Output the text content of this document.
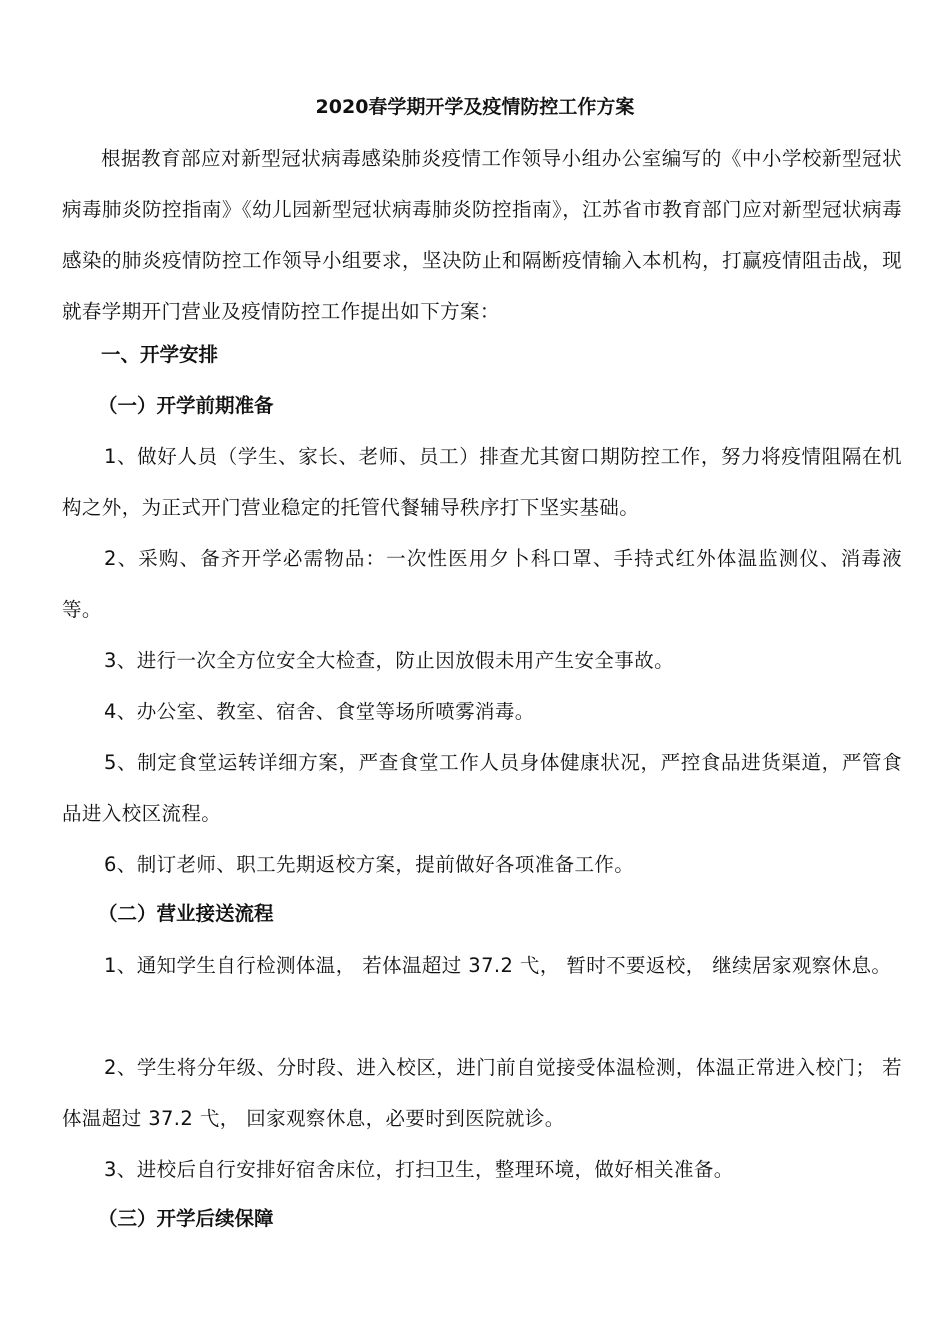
2020春学期开学及疫情防控工作方案

根据教育部应对新型冠状病毒感染肺炎疫情工作领导小组办公室编写的《中小学校新型冠状病毒肺炎防控指南》《幼儿园新型冠状病毒肺炎防控指南》，江苏省市教育部门应对新型冠状病毒感染的肺炎疫情防控工作领导小组要求，坚决防止和隔断疫情输入本机构，打赢疫情阻击战，现就春学期开门营业及疫情防控工作提出如下方案：

一、开学安排
（一）开学前期准备

1、做好人员（学生、家长、老师、员工）排查尤其窗口期防控工作，努力将疫情阻隔在机构之外，为正式开门营业稳定的托管代餐辅导秩序打下坚实基础。

2、采购、备齐开学必需物品：一次性医用夕卜科口罩、手持式红外体温监测仪、消毒液等。

3、进行一次全方位安全大检查，防止因放假未用产生安全事故。

4、办公室、教室、宿舍、食堂等场所喷雾消毒。

5、制定食堂运转详细方案，严查食堂工作人员身体健康状况，严控食品进货渠道，严管食品进入校区流程。

6、制订老师、职工先期返校方案，提前做好各项准备工作。

（二）营业接送流程

1、通知学生自行检测体温， 若体温超过 37.2 弋， 暂时不要返校， 继续居家观察休息。

2、学生将分年级、分时段、进入校区，进门前自觉接受体温检测，体温正常进入校门； 若体温超过 37.2 弋， 回家观察休息，必要时到医院就诊。

3、进校后自行安排好宿舍床位，打扫卫生，整理环境，做好相关准备。

（三）开学后续保障
